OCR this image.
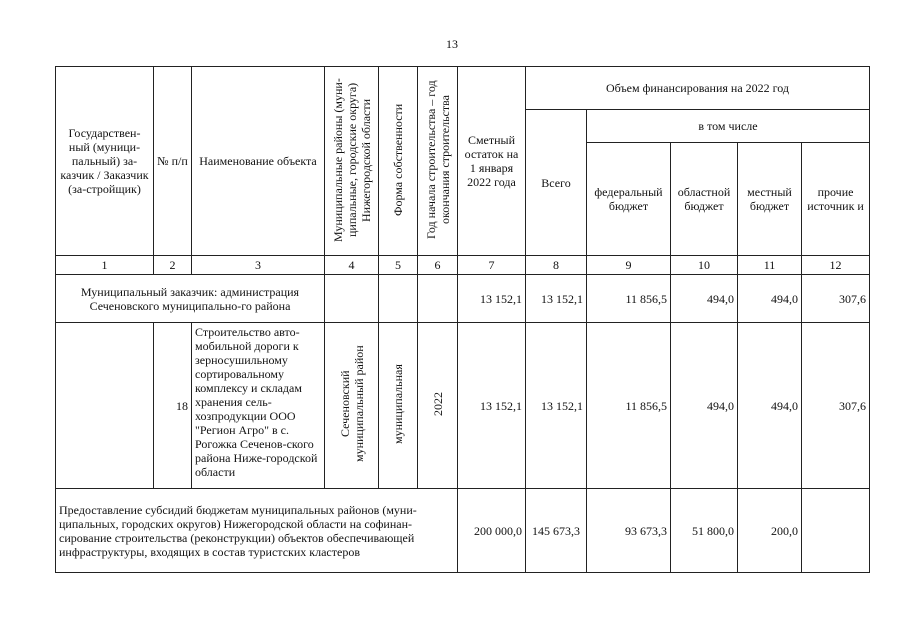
13
Государствен-ный (муници-пальный) за-казчик / Заказчик (за-стройщик)	№ п/п	Наименование объекта	Муниципальные районы (муни-ципальные, городские округа) Нижегородской области	Форма собственности	Год начала строительства – год окончания строительства	Сметный остаток на 1 января 2022 года	Объем финансирования на 2022 год				
							Всего	в том числе			
								федеральный бюджет	областной бюджет	местный бюджет	прочие источник и
1	2	3	4	5	6	7	8	9	10	11	12
Муниципальный заказчик: администрация Сеченовского муниципально-го района						13 152,1	13 152,1	11 856,5	494,0	494,0	307,6
	18	Строительство авто-мобильной дороги к зерносушильному сортировальному комплексу и складам хранения сель-хозпродукции ООО "Регион Агро" в с. Рогожка Сеченов-ского района Ниже-городской области	Сеченовский муниципальный район	муниципальная	2022	13 152,1	13 152,1	11 856,5	494,0	494,0	307,6
Предоставление субсидий бюджетам муниципальных районов (муни-ципальных, городских округов) Нижегородской области на софинан-сирование строительства (реконструкции) объектов обеспечивающей инфраструктуры, входящих в состав туристских кластеров						200 000,0	145 673,3	93 673,3	51 800,0	200,0	
